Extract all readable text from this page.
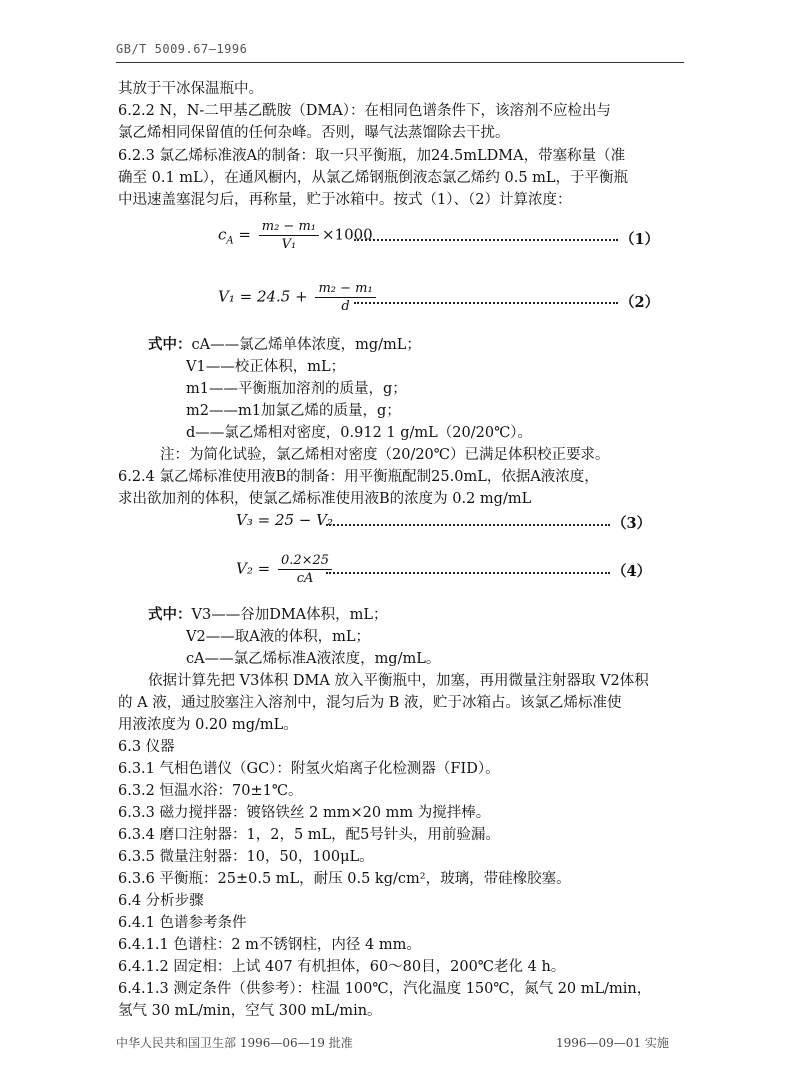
GB/T 5009.67—1996
其放于干冰保温瓶中。
6.2.2 N，N-二甲基乙酰胺（DMA）：在相同色谱条件下，该溶剂不应检出与
氯乙烯相同保留值的任何杂峰。否则，曝气法蒸馏除去干扰。
6.2.3 氯乙烯标准液A的制备：取一只平衡瓶，加24.5mLDMA，带塞称量（准
确至 0.1 mL），在通风橱内，从氯乙烯钢瓶倒液态氯乙烯约 0.5 mL，于平衡瓶
中迅速盖塞混匀后，再称量，贮于冰箱中。按式（1）、（2）计算浓度：
$c_A = \frac{\text{m₂ − m₁}}{\text{V₁}} \times 1000$	（1）
$V_1 = 24.5 + \frac{\text{m₂ − m₁}}{d}$	（2）
式中：cA——氯乙烯单体浓度，mg/mL；
V1——校正体积，mL；
m1——平衡瓶加溶剂的质量，g；
m2——m1加氯乙烯的质量，g；
d——氯乙烯相对密度，0.912 1 g/mL（20/20℃）。
注：为简化试验，氯乙烯相对密度（20/20℃）已满足体积校正要求。
6.2.4 氯乙烯标准使用液B的制备：用平衡瓶配制25.0mL，依据A液浓度，
求出欲加剂的体积，使氯乙烯标准使用液B的浓度为 0.2 mg/mL
V₃ = 25 − V₂	（3）
$V_2 = \frac{0.2\times 25}{cA}$	（4）
式中：V3——谷加DMA体积，mL；
V2——取A液的体积，mL；
cA——氯乙烯标准A液浓度，mg/mL。
依据计算先把 V3体积 DMA 放入平衡瓶中，加塞，再用微量注射器取 V2体积
的 A 液，通过胶塞注入溶剂中，混匀后为 B 液，贮于冰箱占。该氯乙烯标准使
用液浓度为 0.20 mg/mL。
6.3 仪器
6.3.1 气相色谱仪（GC）：附氢火焰离子化检测器（FID）。
6.3.2 恒温水浴：70±1℃。
6.3.3 磁力搅拌器：镀铬铁丝 2 mm×20 mm 为搅拌棒。
6.3.4 磨口注射器：1，2，5 mL，配5号针头，用前验漏。
6.3.5 微量注射器：10，50，100μL。
6.3.6 平衡瓶：25±0.5 mL，耐压 0.5 kg/cm²，玻璃，带硅橡胶塞。
6.4 分析步骤
6.4.1 色谱参考条件
6.4.1.1 色谱柱：2 m不锈钢柱，内径 4 mm。
6.4.1.2 固定相：上试 407 有机担体，60～80目，200℃老化 4 h。
6.4.1.3 测定条件（供参考）：柱温 100℃，汽化温度 150℃，氮气 20 mL/min，
氢气 30 mL/min，空气 300 mL/min。
中华人民共和国卫生部 1996—06—19 批准	1996—09—01 实施
